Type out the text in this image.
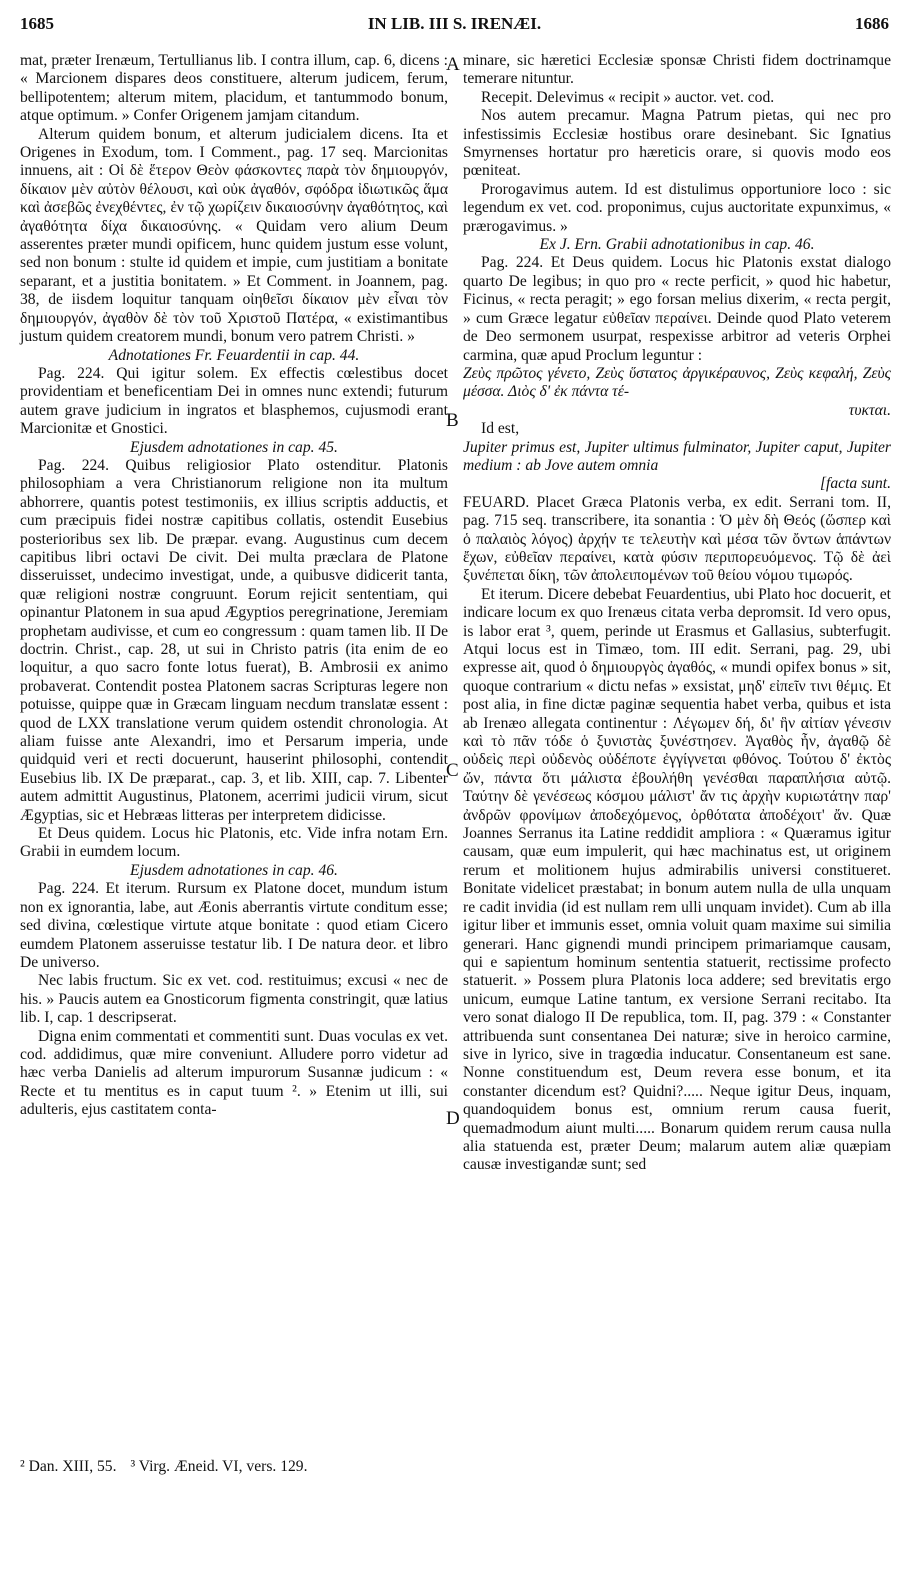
1685	IN LIB. III S. IRENÆI.	1686
A
B
C
D

mat, præter Irenæum, Tertullianus lib. I contra illum, cap. 6, dicens : « Marcionem dispares deos constituere, alterum judicem, ferum, bellipotentem; alterum mitem, placidum, et tantummodo bonum, atque optimum. » Confer Origenem jamjam citandum.

Alterum quidem bonum, et alterum judicialem dicens. Ita et Origenes in Exodum, tom. I Comment., pag. 17 seq. Marcionitas innuens, ait : Οἱ δὲ ἕτερον Θεὸν φάσκοντες παρὰ τὸν δημιουργόν, δίκαιον μὲν αὐτὸν θέλουσι, καὶ οὐκ ἀγαθόν, σφόδρα ἰδιωτικῶς ἅμα καὶ ἀσεβῶς ἐνεχθέντες, ἐν τῷ χωρίζειν δικαιοσύνην ἀγαθότητος, καὶ ἀγαθότητα δίχα δικαιοσύνης. « Quidam vero alium Deum asserentes præter mundi opificem, hunc quidem justum esse volunt, sed non bonum : stulte id quidem et impie, cum justitiam a bonitate separant, et a justitia bonitatem. » Et Comment. in Joannem, pag. 38, de iisdem loquitur tanquam οἰηθεῖσι δίκαιον μὲν εἶναι τὸν δημιουργόν, ἀγαθὸν δὲ τὸν τοῦ Χριστοῦ Πατέρα, « existimantibus justum quidem creatorem mundi, bonum vero patrem Christi. »

Adnotationes Fr. Feuardentii in cap. 44.

Pag. 224. Qui igitur solem. Ex effectis cœlestibus docet providentiam et beneficentiam Dei in omnes nunc extendi; futurum autem grave judicium in ingratos et blasphemos, cujusmodi erant Marcionitæ et Gnostici.

Ejusdem adnotationes in cap. 45.

Pag. 224. Quibus religiosior Plato ostenditur. Platonis philosophiam a vera Christianorum religione non ita multum abhorrere, quantis potest testimoniis, ex illius scriptis adductis, et cum præcipuis fidei nostræ capitibus collatis, ostendit Eusebius posterioribus sex lib. De præpar. evang. Augustinus cum decem capitibus libri octavi De civit. Dei multa præclara de Platone disseruisset, undecimo investigat, unde, a quibusve didicerit tanta, quæ religioni nostræ congruunt. Eorum rejicit sententiam, qui opinantur Platonem in sua apud Ægyptios peregrinatione, Jeremiam prophetam audivisse, et cum eo congressum : quam tamen lib. II De doctrin. Christ., cap. 28, ut sui in Christo patris (ita enim de eo loquitur, a quo sacro fonte lotus fuerat), B. Ambrosii ex animo probaverat. Contendit postea Platonem sacras Scripturas legere non potuisse, quippe quæ in Græcam linguam necdum translatæ essent : quod de LXX translatione verum quidem ostendit chronologia. At aliam fuisse ante Alexandri, imo et Persarum imperia, unde quidquid veri et recti docuerunt, hauserint philosophi, contendit Eusebius lib. IX De præparat., cap. 3, et lib. XIII, cap. 7. Libenter autem admittit Augustinus, Platonem, acerrimi judicii virum, sicut Ægyptias, sic et Hebræas litteras per interpretem didicisse.

Et Deus quidem. Locus hic Platonis, etc. Vide infra notam Ern. Grabii in eumdem locum.

Ejusdem adnotationes in cap. 46.

Pag. 224. Et iterum. Rursum ex Platone docet, mundum istum non ex ignorantia, labe, aut Æonis aberrantis virtute conditum esse; sed divina, cœlestique virtute atque bonitate : quod etiam Cicero eumdem Platonem asseruisse testatur lib. I De natura deor. et libro De universo.

Nec labis fructum. Sic ex vet. cod. restituimus; excusi « nec de his. » Paucis autem ea Gnosticorum figmenta constringit, quæ latius lib. I, cap. 1 descripserat.

Digna enim commentati et commentiti sunt. Duas voculas ex vet. cod. addidimus, quæ mire conveniunt. Alludere porro videtur ad hæc verba Danielis ad alterum impurorum Susannæ judicum : « Recte et tu mentitus es in caput tuum ². » Etenim ut illi, sui adulteris, ejus castitatem conta-

minare, sic hæretici Ecclesiæ sponsæ Christi fidem doctrinamque temerare nituntur.

Recepit. Delevimus « recipit » auctor. vet. cod.

Nos autem precamur. Magna Patrum pietas, qui nec pro infestissimis Ecclesiæ hostibus orare desinebant. Sic Ignatius Smyrnenses hortatur pro hæreticis orare, si quovis modo eos pœniteat.

Prorogavimus autem. Id est distulimus opportuniore loco : sic legendum ex vet. cod. proponimus, cujus auctoritate expunximus, « prærogavimus. »

Ex J. Ern. Grabii adnotationibus in cap. 46.

Pag. 224. Et Deus quidem. Locus hic Platonis exstat dialogo quarto De legibus; in quo pro « recte perficit, » quod hic habetur, Ficinus, « recta peragit; » ego forsan melius dixerim, « recta pergit, » cum Græce legatur εὐθεῖαν περαίνει. Deinde quod Plato veterem de Deo sermonem usurpat, respexisse arbitror ad veteris Orphei carmina, quæ apud Proclum leguntur :

Ζεὺς πρῶτος γένετο, Ζεὺς ὕστατος ἀργικέραυνος, Ζεὺς κεφαλή, Ζεὺς μέσσα. Διὸς δ' ἐκ πάντα τέ-

τυκται.

Id est,

Jupiter primus est, Jupiter ultimus fulminator, Jupiter caput, Jupiter medium : ab Jove autem omnia

[facta sunt.

FEUARD. Placet Græca Platonis verba, ex edit. Serrani tom. II, pag. 715 seq. transcribere, ita sonantia : Ὁ μὲν δὴ Θεός (ὥσπερ καὶ ὁ παλαιὸς λόγος) ἀρχήν τε τελευτὴν καὶ μέσα τῶν ὄντων ἁπάντων ἔχων, εὐθεῖαν περαίνει, κατὰ φύσιν περιπορευόμενος. Τῷ δὲ ἀεὶ ξυνέπεται δίκη, τῶν ἀπολειπομένων τοῦ θείου νόμου τιμωρός.

Et iterum. Dicere debebat Feuardentius, ubi Plato hoc docuerit, et indicare locum ex quo Irenæus citata verba depromsit. Id vero opus, is labor erat ³, quem, perinde ut Erasmus et Gallasius, subterfugit. Atqui locus est in Timæo, tom. III edit. Serrani, pag. 29, ubi expresse ait, quod ὁ δημιουργὸς ἀγαθός, « mundi opifex bonus » sit, quoque contrarium « dictu nefas » exsistat, μηδ' εἰπεῖν τινι θέμις. Et post alia, in fine dictæ paginæ sequentia habet verba, quibus et ista ab Irenæo allegata continentur : Λέγωμεν δή, δι' ἣν αἰτίαν γένεσιν καὶ τὸ πᾶν τόδε ὁ ξυνιστὰς ξυνέστησεν. Ἀγαθὸς ἦν, ἀγαθῷ δὲ οὐδεὶς περὶ οὐδενὸς οὐδέποτε ἐγγίγνεται φθόνος. Τούτου δ' ἐκτὸς ὤν, πάντα ὅτι μάλιστα ἐβουλήθη γενέσθαι παραπλήσια αὐτῷ. Ταύτην δὲ γενέσεως κόσμου μάλιστ' ἄν τις ἀρχὴν κυριωτάτην παρ' ἀνδρῶν φρονίμων ἀποδεχόμενος, ὀρθότατα ἀποδέχοιτ' ἄν. Quæ Joannes Serranus ita Latine reddidit ampliora : « Quæramus igitur causam, quæ eum impulerit, qui hæc machinatus est, ut originem rerum et molitionem hujus admirabilis universi constitueret. Bonitate videlicet præstabat; in bonum autem nulla de ulla unquam re cadit invidia (id est nullam rem ulli unquam invidet). Cum ab illa igitur liber et immunis esset, omnia voluit quam maxime sui similia generari. Hanc gignendi mundi principem primariamque causam, qui e sapientum hominum sententia statuerit, rectissime profecto statuerit. » Possem plura Platonis loca addere; sed brevitatis ergo unicum, eumque Latine tantum, ex versione Serrani recitabo. Ita vero sonat dialogo II De republica, tom. II, pag. 379 : « Constanter attribuenda sunt consentanea Dei naturæ; sive in heroico carmine, sive in lyrico, sive in tragœdia inducatur. Consentaneum est sane. Nonne constituendum est, Deum revera esse bonum, et ita constanter dicendum est? Quidni?..... Neque igitur Deus, inquam, quandoquidem bonus est, omnium rerum causa fuerit, quemadmodum aiunt multi..... Bonarum quidem rerum causa nulla alia statuenda est, præter Deum; malarum autem aliæ quæpiam causæ investigandæ sunt; sed

² Dan. XIII, 55. ³ Virg. Æneid. VI, vers. 129.
